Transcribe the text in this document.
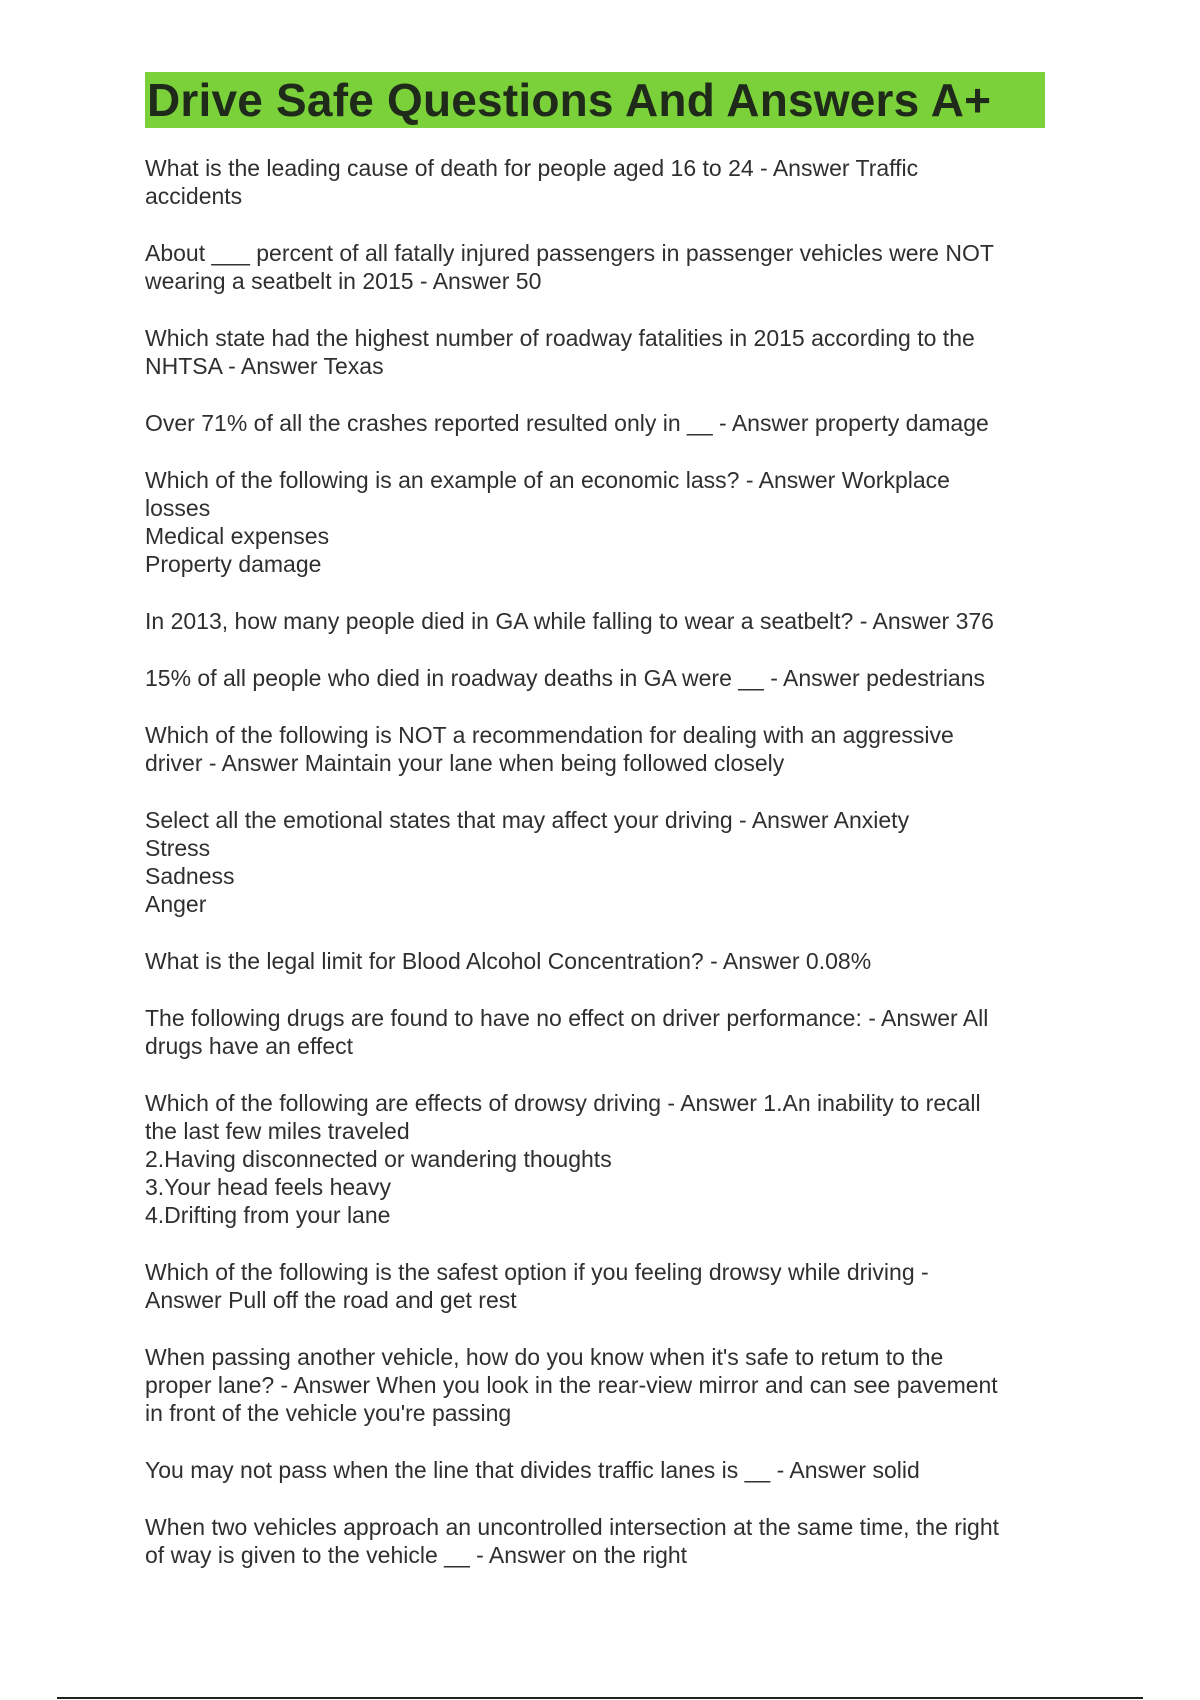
Drive Safe Questions And Answers A+

What is the leading cause of death for people aged 16 to 24 - Answer Traffic
accidents

About ___ percent of all fatally injured passengers in passenger vehicles were NOT
wearing a seatbelt in 2015 - Answer 50

Which state had the highest number of roadway fatalities in 2015 according to the
NHTSA - Answer Texas

Over 71% of all the crashes reported resulted only in __ - Answer property damage

Which of the following is an example of an economic lass? - Answer Workplace
losses
Medical expenses
Property damage

In 2013, how many people died in GA while falling to wear a seatbelt? - Answer 376

15% of all people who died in roadway deaths in GA were __ - Answer pedestrians

Which of the following is NOT a recommendation for dealing with an aggressive
driver - Answer Maintain your lane when being followed closely

Select all the emotional states that may affect your driving - Answer Anxiety
Stress
Sadness
Anger

What is the legal limit for Blood Alcohol Concentration? - Answer 0.08%

The following drugs are found to have no effect on driver performance: - Answer All
drugs have an effect

Which of the following are effects of drowsy driving - Answer 1.An inability to recall
the last few miles traveled
2.Having disconnected or wandering thoughts
3.Your head feels heavy
4.Drifting from your lane

Which of the following is the safest option if you feeling drowsy while driving -
Answer Pull off the road and get rest

When passing another vehicle, how do you know when it's safe to retum to the
proper lane? - Answer When you look in the rear-view mirror and can see pavement
in front of the vehicle you're passing

You may not pass when the line that divides traffic lanes is __ - Answer solid

When two vehicles approach an uncontrolled intersection at the same time, the right
of way is given to the vehicle __ - Answer on the right
